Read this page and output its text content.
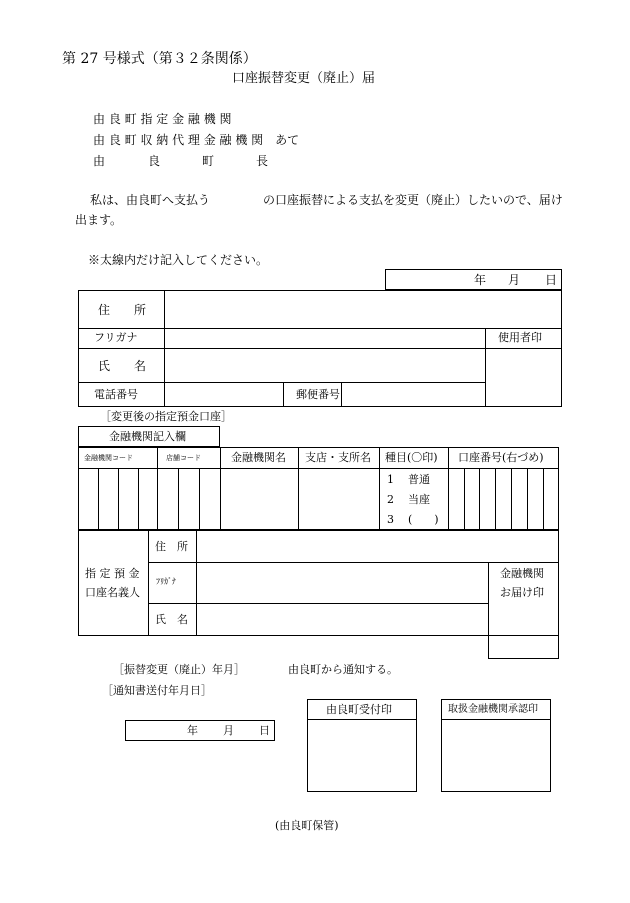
第 27 号様式（第３２条関係）
口座振替変更（廃止）届
由 良 町 指 定 金 融 機 関
由 良 町 収 納 代 理 金 融 機 関　あて
由	良	町	長
私は、由良町へ支払う	の口座振替による支払を変更（廃止）したいので、届け
出ます。
※太線内だけ記入してください。
年 月 日
住　　所
フリガナ
氏　　名
電話番号	郵便番号
使用者印
［変更後の指定預金口座］
金融機関記入欄
金融機関コード	店舗コード	金融機関名 支店・支所名 種目(〇印) 口座番号(右づめ)
1 普通
2 当座
3 (　　)
指 定 預 金
口座名義人
住　所
ﾌﾘｶﾞﾅ
氏　名
金融機関
お届け印
［振替変更（廃止）年月］	由良町から通知する。
［通知書送付年月日］
年 月 日
由良町受付印	取扱金融機関承認印
(由良町保管)
